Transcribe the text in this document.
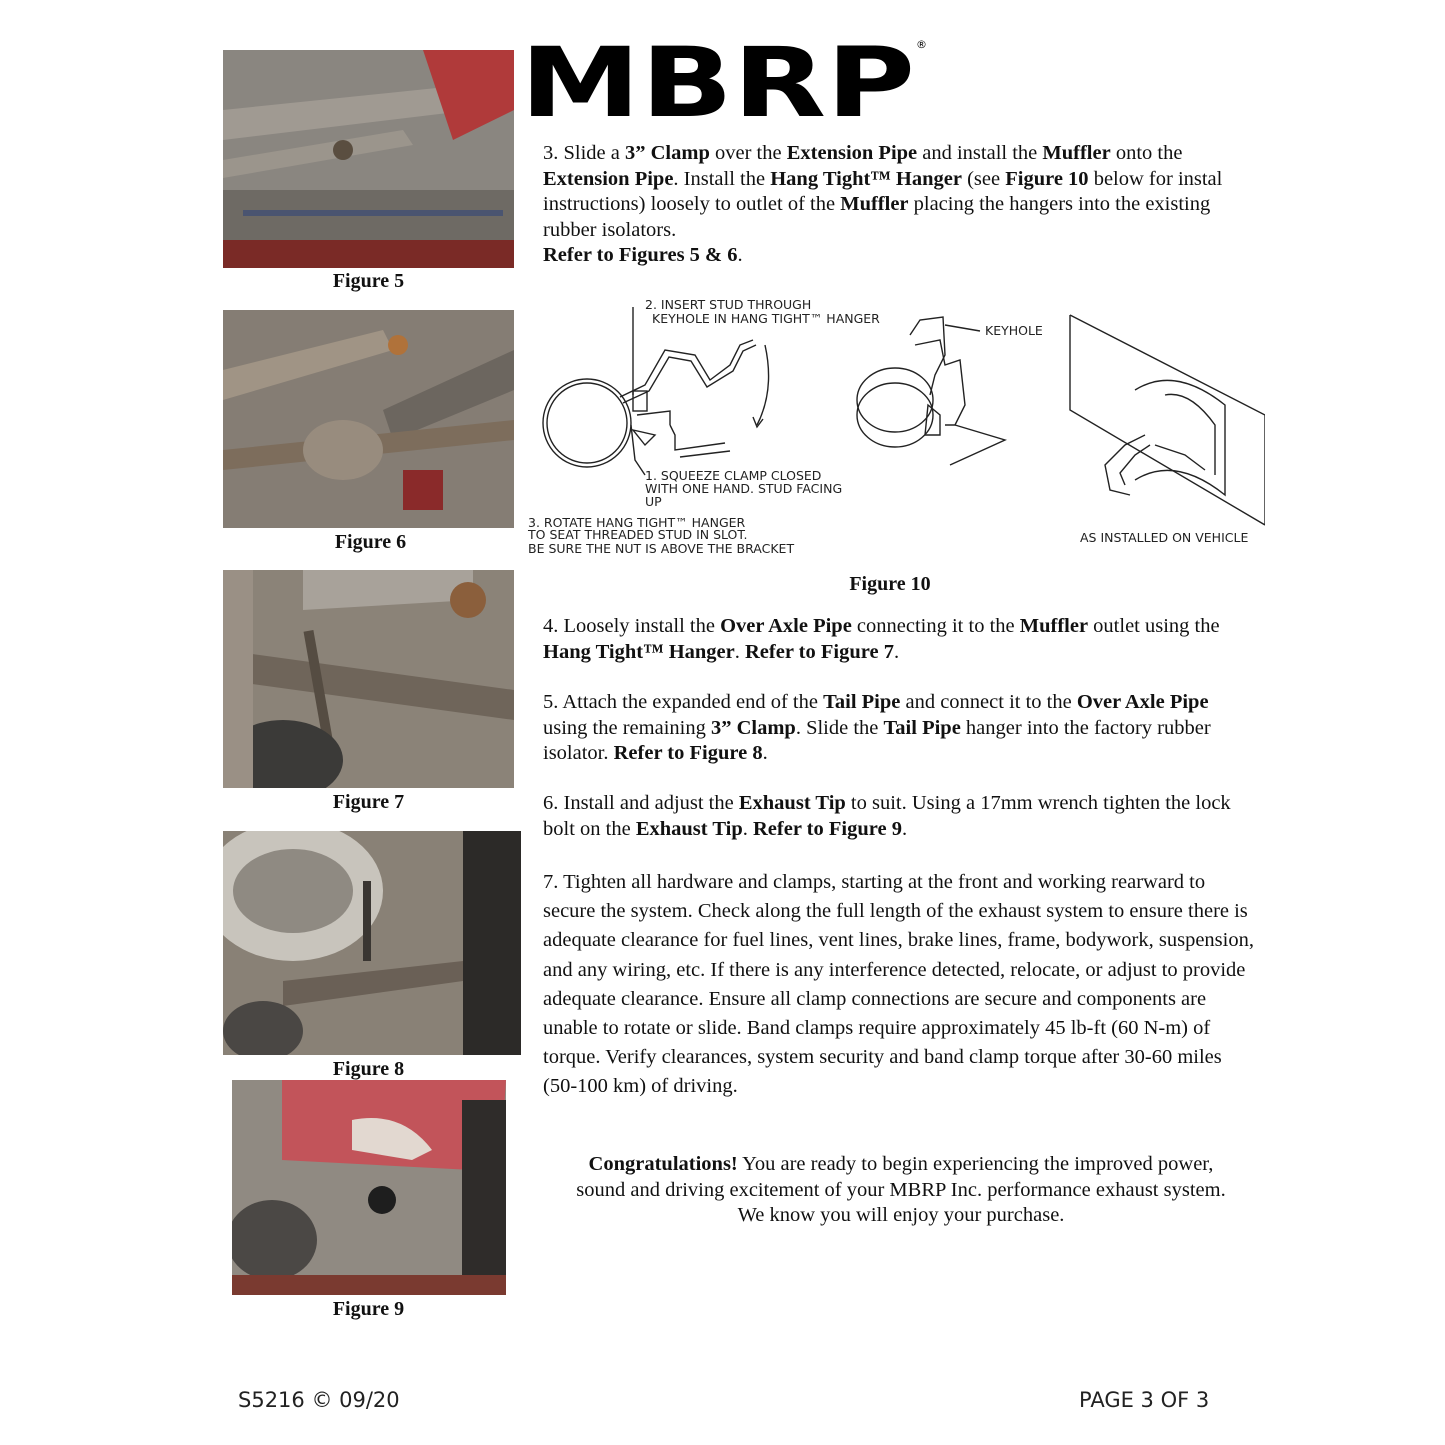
MBRP ®
Figure 5
Figure 6
Figure 7
Figure 8
Figure 9
3. Slide a 3” Clamp over the Extension Pipe and install the Muffler onto the Extension Pipe. Install the Hang Tight™ Hanger (see Figure 10 below for instal instructions) loosely to outlet of the Muffler placing the hangers into the existing rubber isolators.
Refer to Figures 5 & 6.
2. INSERT STUD THROUGH
KEYHOLE IN HANG TIGHT™ HANGER
1. SQUEEZE CLAMP CLOSED
WITH ONE HAND. STUD FACING
UP
3. ROTATE HANG TIGHT™ HANGER
TO SEAT THREADED STUD IN SLOT.
BE SURE THE NUT IS ABOVE THE BRACKET
KEYHOLE
AS INSTALLED ON VEHICLE
Figure 10
4. Loosely install the Over Axle Pipe connecting it to the Muffler outlet using the Hang Tight™ Hanger. Refer to Figure 7.
5. Attach the expanded end of the Tail Pipe and connect it to the Over Axle Pipe using the remaining 3” Clamp. Slide the Tail Pipe hanger into the factory rubber isolator. Refer to Figure 8.
6. Install and adjust the Exhaust Tip to suit. Using a 17mm wrench tighten the lock bolt on the Exhaust Tip. Refer to Figure 9.
7. Tighten all hardware and clamps, starting at the front and working rearward to secure the system. Check along the full length of the exhaust system to ensure there is adequate clearance for fuel lines, vent lines, brake lines, frame, bodywork, suspension, and any wiring, etc. If there is any interference detected, relocate, or adjust to provide adequate clearance. Ensure all clamp connections are secure and components are unable to rotate or slide. Band clamps require approximately 45 lb-ft (60 N-m) of torque. Verify clearances, system security and band clamp torque after 30-60 miles (50-100 km) of driving.
Congratulations! You are ready to begin experiencing the improved power,
sound and driving excitement of your MBRP Inc. performance exhaust system.
We know you will enjoy your purchase.
S5216 © 09/20	PAGE 3 OF 3
